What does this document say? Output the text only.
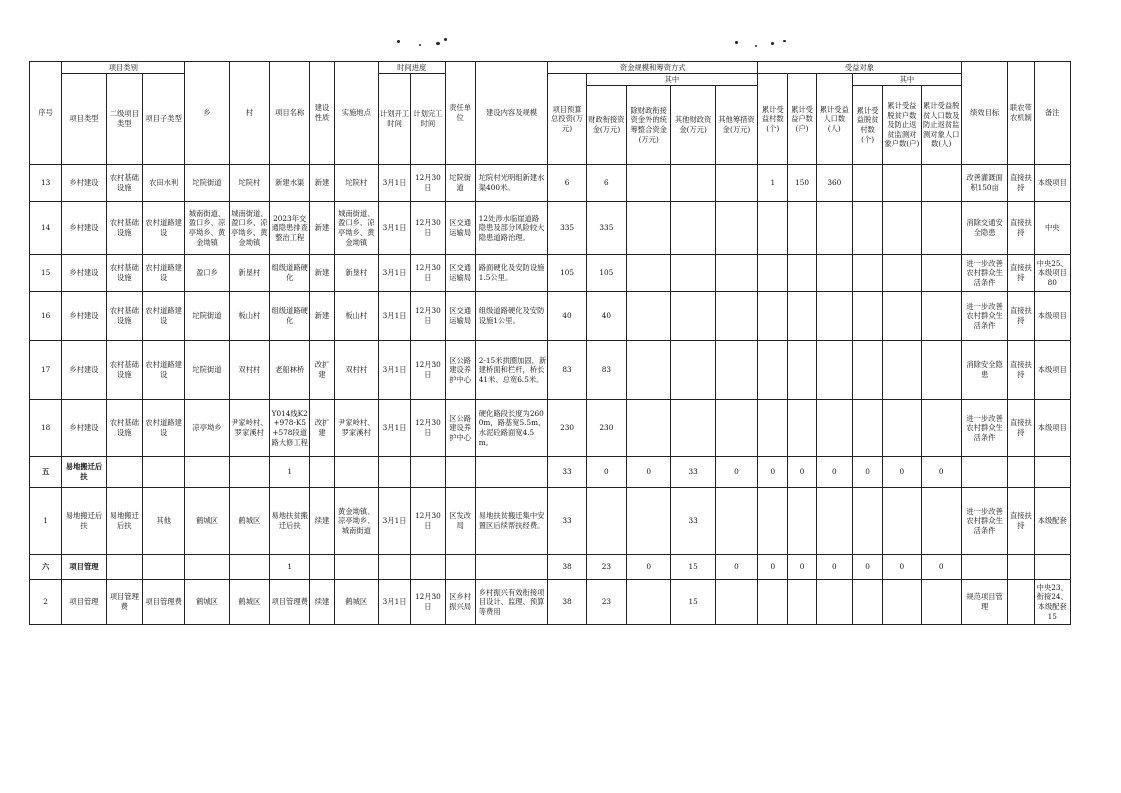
序号	项目类别			乡	村	项目名称	建设性质	实施地点	时间进度		责任单位	建设内容及规模	资金规模和筹资方式					受益对象						绩效目标	联农带农机制	备注
	项目类型	二级项目类型	项目子类型						计划开工时间	计划完工时间			项目预算总投资(万元)	其中				累计受益村数(个)	累计受益户数(户)	累计受益人口数(人)	其中					
														财政衔接资金(万元)	除财政衔接资金外的统筹整合资金(万元)	其他财政资金(万元)	其他筹措资金(万元)				累计受益脱贫村数(个)	累计受益脱贫户数及防止返贫监测对象户数(户)	累计受益脱贫人口数及防止返贫监测对象人口数(人)			
13	乡村建设	农村基础设施	农田水利	坨院街道	坨院村	新建水渠	新建	坨院村	3月1日	12月30日	坨院街道	坨院村光明组新建水渠400米。	6	6				1	150	360				改善灌溉面积150亩	直接扶持	本级项目
14	乡村建设	农村基础设施	农村道路建设	城南街道、盈口乡、凉亭坳乡、黄金坳镇	城南街道、盈口乡、凉亭坳乡、黄金坳镇	2023年交通隐患排查整治工程	新建	城南街道、盈口乡、凉亭坳乡、黄金坳镇	3月1日	12月30日	区交通运输局	12处涉水临崖道路隐患及部分风险较大隐患道路治理。	335	335										消除交通安全隐患	直接扶持	中央
15	乡村建设	农村基础设施	农村道路建设	盈口乡	新垦村	组级道路硬化	新建	新垦村	3月1日	12月30日	区交通运输局	路面硬化及安防设施1.5公里。	105	105										进一步改善农村群众生活条件	直接扶持	中央25、本级项目80
16	乡村建设	农村基础设施	农村道路建设	坨院街道	板山村	组级道路硬化	新建	板山村	3月1日	12月30日	区交通运输局	组级道路硬化及安防设施1公里。	40	40										进一步改善农村群众生活条件	直接扶持	本级项目
17	乡村建设	农村基础设施	农村道路建设	坨院街道	双村村	老船林桥	改扩建	双村村	3月1日	12月30日	区公路建设养护中心	2-15米拱圈加固，新建桥面和栏杆，桥长41米、总宽6.5米。	83	83										消除安全隐患	直接扶持	本级项目
18	乡村建设	农村基础设施	农村道路建设	凉亭坳乡	尹家岭村、罗家溪村	Y014线K2+978-K5+578段道路大修工程	改扩建	尹家岭村、罗家溪村	3月1日	12月30日	区公路建设养护中心	硬化路段长度为2600m，路基宽5.5m，水泥砼路面宽4.5m。	230	230										进一步改善农村群众生活条件	直接扶持	本级项目
五	易地搬迁后扶					1							33	0	0	33	0	0	0	0	0	0	0			
1	易地搬迁后扶	易地搬迁后扶	其他	鹤城区	鹤城区	易地扶贫搬迁后扶	续建	黄金坳镇、凉亭坳乡、城南街道	3月1日	12月30日	区发改局	易地扶贫搬迁集中安置区后续帮扶经费。	33			33								进一步改善农村群众生活条件	直接扶持	本级配套
六	项目管理					1							38	23	0	15	0	0	0	0	0	0	0			
2	项目管理	项目管理费	项目管理费	鹤城区	鹤城区	项目管理费	续建	鹤城区	3月1日	12月30日	区乡村振兴局	乡村振兴有效衔接项目设计、监理、预算等费用	38	23		15								规范项目管理		中央23、衔接24、本级配套15
